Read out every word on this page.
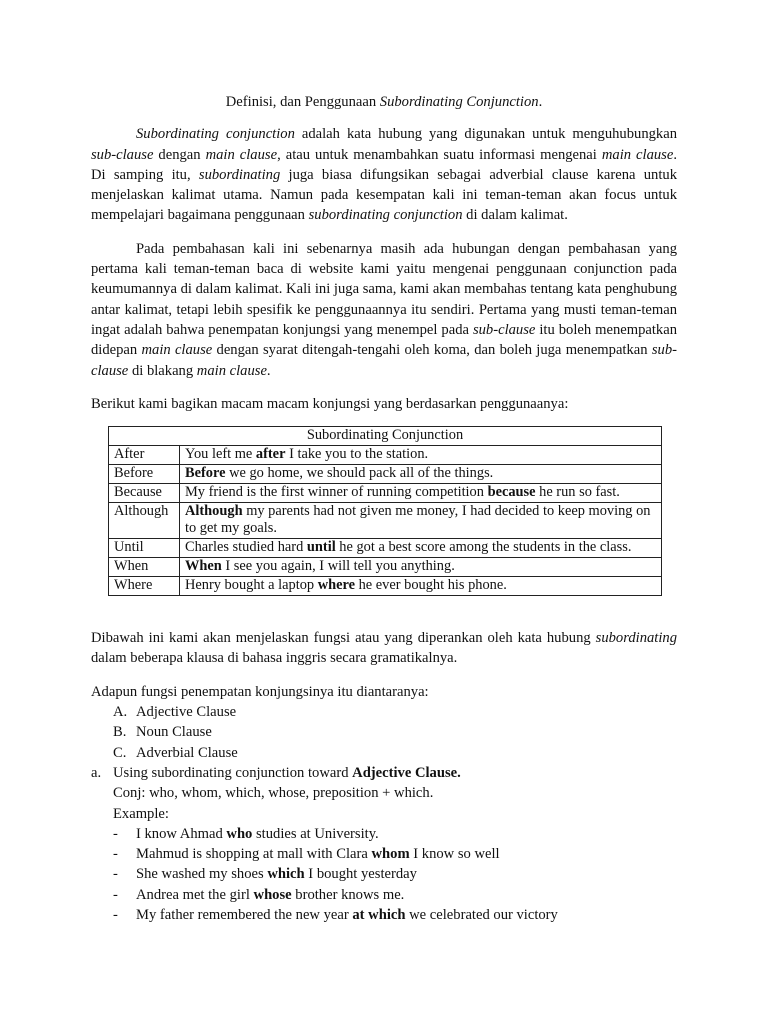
Definisi, dan Penggunaan Subordinating Conjunction.

Subordinating conjunction adalah kata hubung yang digunakan untuk menguhubungkan sub-clause dengan main clause, atau untuk menambahkan suatu informasi mengenai main clause. Di samping itu, subordinating juga biasa difungsikan sebagai adverbial clause karena untuk menjelaskan kalimat utama. Namun pada kesempatan kali ini teman-teman akan focus untuk mempelajari bagaimana penggunaan subordinating conjunction di dalam kalimat.

Pada pembahasan kali ini sebenarnya masih ada hubungan dengan pembahasan yang pertama kali teman-teman baca di website kami yaitu mengenai penggunaan conjunction pada keumumannya di dalam kalimat. Kali ini juga sama, kami akan membahas tentang kata penghubung antar kalimat, tetapi lebih spesifik ke penggunaannya itu sendiri. Pertama yang musti teman-teman ingat adalah bahwa penempatan konjungsi yang menempel pada sub-clause itu boleh menempatkan didepan main clause dengan syarat ditengah-tengahi oleh koma, dan boleh juga menempatkan sub-clause di blakang main clause.

Berikut kami bagikan macam macam konjungsi yang berdasarkan penggunaanya:

Subordinating Conjunction	
After	You left me after I take you to the station.
Before	Before we go home, we should pack all of the things.
Because	My friend is the first winner of running competition because he run so fast.
Although	Although my parents had not given me money, I had decided to keep moving on to get my goals.
Until	Charles studied hard until he got a best score among the students in the class.
When	When I see you again, I will tell you anything.
Where	Henry bought a laptop where he ever bought his phone.

Dibawah ini kami akan menjelaskan fungsi atau yang diperankan oleh kata hubung subordinating dalam beberapa klausa di bahasa inggris secara gramatikalnya.

Adapun fungsi penempatan konjungsinya itu diantaranya:
A. Adjective Clause
B. Noun Clause
C. Adverbial Clause
a. Using subordinating conjunction toward Adjective Clause.
Conj: who, whom, which, whose, preposition + which.
Example:
- I know Ahmad who studies at University.
- Mahmud is shopping at mall with Clara whom I know so well
- She washed my shoes which I bought yesterday
- Andrea met the girl whose brother knows me.
- My father remembered the new year at which we celebrated our victory
